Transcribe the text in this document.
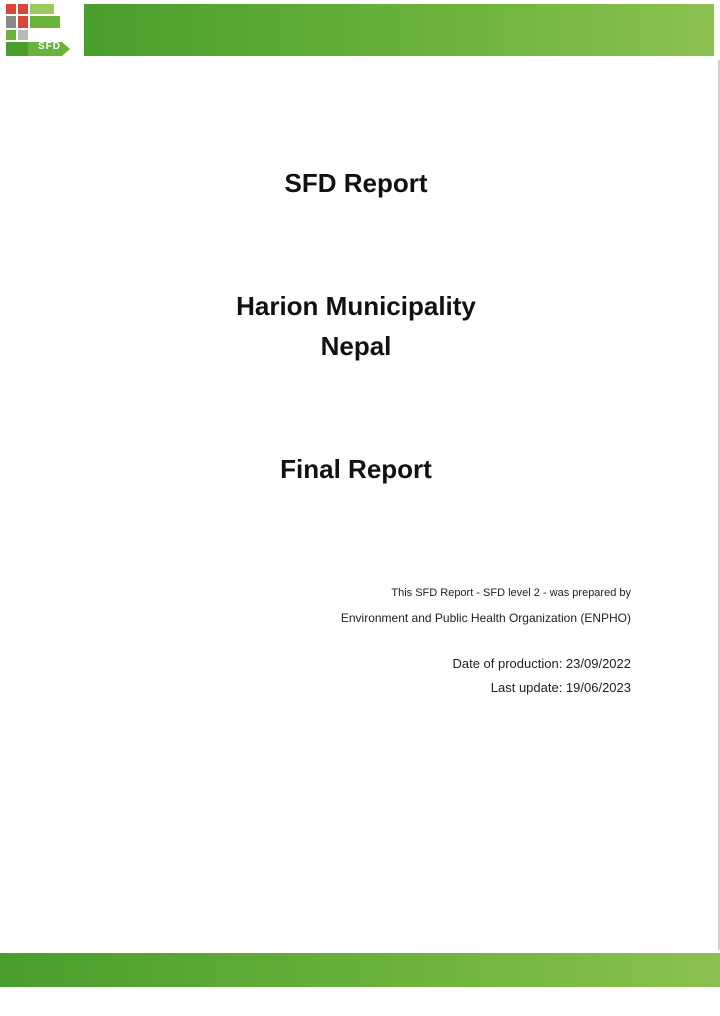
SFD
SFD Report
Harion Municipality
Nepal
Final Report
This SFD Report - SFD level 2 - was prepared by
Environment and Public Health Organization (ENPHO)
Date of production: 23/09/2022
Last update: 19/06/2023
